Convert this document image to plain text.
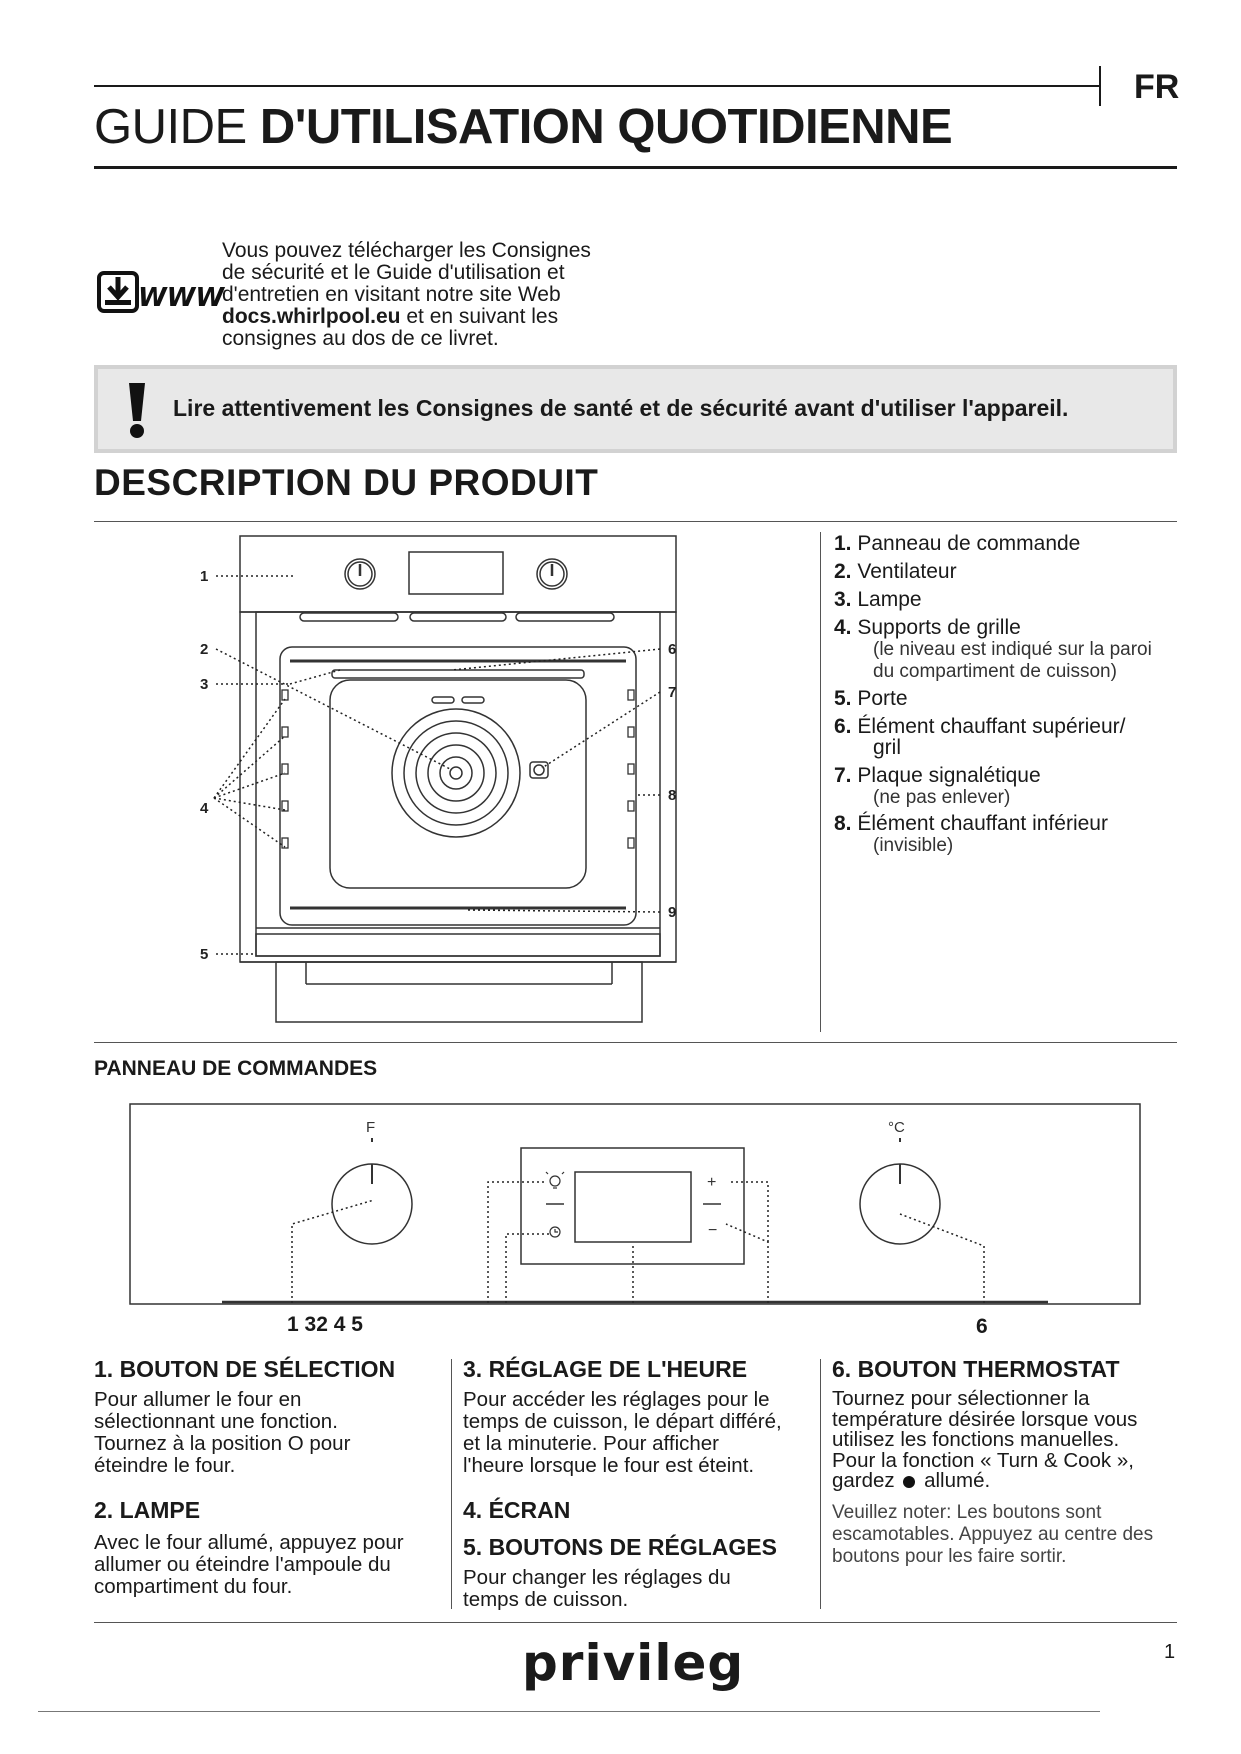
FR
GUIDE D'UTILISATION QUOTIDIENNE
WWW
Vous pouvez télécharger les Consignes
de sécurité et le Guide d'utilisation et
d'entretien en visitant notre site Web
docs.whirlpool.eu et en suivant les
consignes au dos de ce livret.
Lire attentivement les Consignes de santé et de sécurité avant d'utiliser l'appareil.
DESCRIPTION DU PRODUIT
1
2
3
4
5
6
7
8
9
1. Panneau de commande
2. Ventilateur
3. Lampe
4. Supports de grille
(le niveau est indiqué sur la paroi
du compartiment de cuisson)
5. Porte
6. Élément chauffant supérieur/
gril
7. Plaque signalétique
(ne pas enlever)
8. Élément chauffant inférieur
(invisible)
PANNEAU DE COMMANDES
+
−
F	°C
1 32 4 5	6
1. BOUTON DE SÉLECTION
Pour allumer le four en
sélectionnant une fonction.
Tournez à la position O pour
éteindre le four.
2. LAMPE
Avec le four allumé, appuyez pour
allumer ou éteindre l'ampoule du
compartiment du four.
3. RÉGLAGE DE L'HEURE
Pour accéder les réglages pour le
temps de cuisson, le départ différé,
et la minuterie. Pour afficher
l'heure lorsque le four est éteint.
4. ÉCRAN
5. BOUTONS DE RÉGLAGES
Pour changer les réglages du
temps de cuisson.
6. BOUTON THERMOSTAT
Tournez pour sélectionner la
température désirée lorsque vous
utilisez les fonctions manuelles.
Pour la fonction « Turn & Cook »,
gardez  allumé.
Veuillez noter: Les boutons sont
escamotables. Appuyez au centre des
boutons pour les faire sortir.
privileg	1
